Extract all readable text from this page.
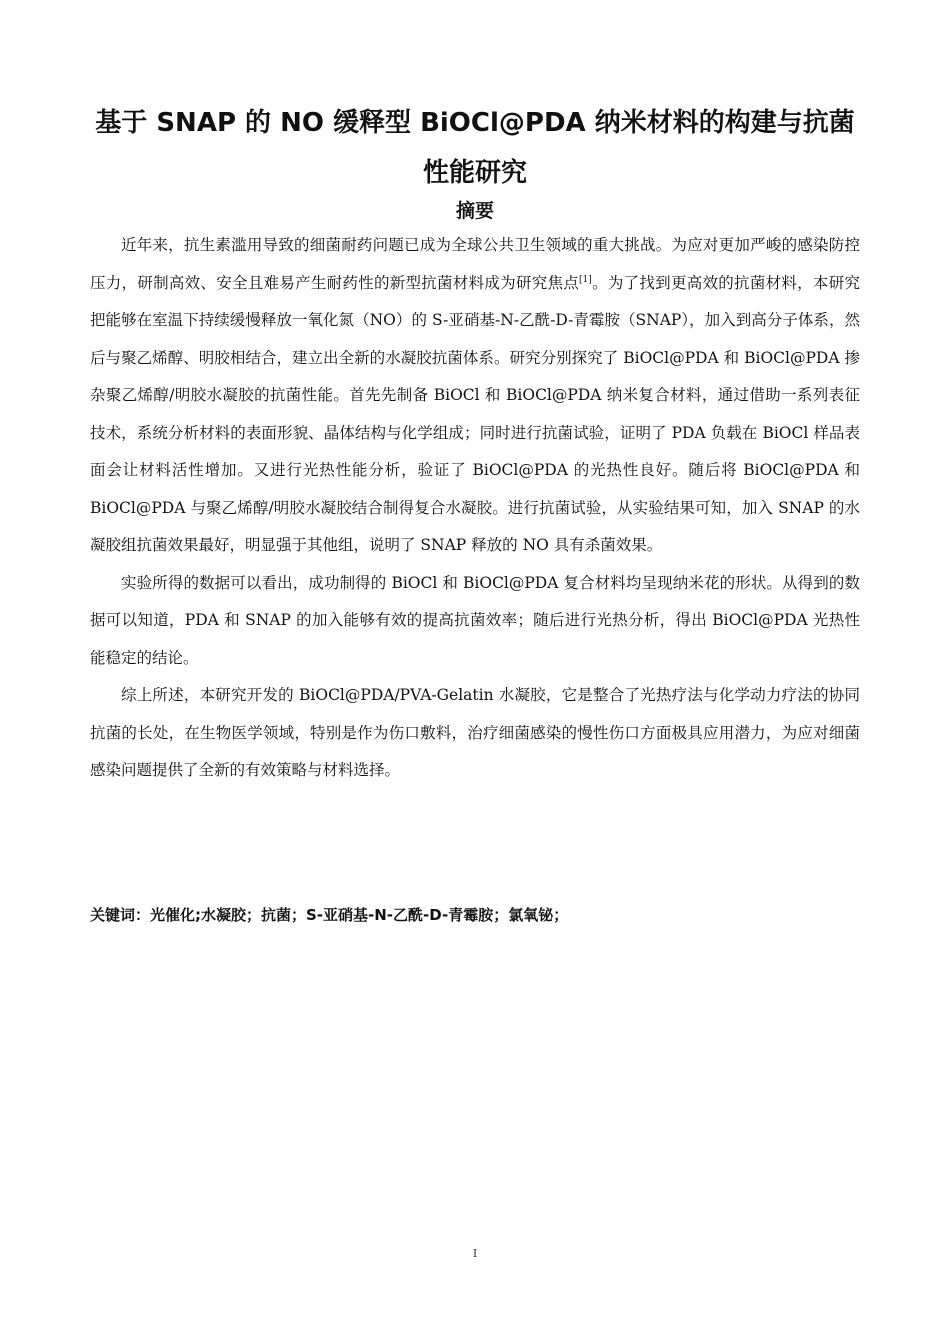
基于 SNAP 的 NO 缓释型 BiOCl@PDA 纳米材料的构建与抗菌性能研究
摘要

近年来，抗生素滥用导致的细菌耐药问题已成为全球公共卫生领域的重大挑战。为应对更加严峻的感染防控压力，研制高效、安全且难易产生耐药性的新型抗菌材料成为研究焦点[1]。为了找到更高效的抗菌材料，本研究把能够在室温下持续缓慢释放一氧化氮（NO）的 S-亚硝基-N-乙酰-D-青霉胺（SNAP），加入到高分子体系，然后与聚乙烯醇、明胶相结合，建立出全新的水凝胶抗菌体系。研究分别探究了 BiOCl@PDA 和 BiOCl@PDA 掺杂聚乙烯醇/明胶水凝胶的抗菌性能。首先先制备 BiOCl 和 BiOCl@PDA 纳米复合材料，通过借助一系列表征技术，系统分析材料的表面形貌、晶体结构与化学组成；同时进行抗菌试验，证明了 PDA 负载在 BiOCl 样品表面会让材料活性增加。又进行光热性能分析，验证了 BiOCl@PDA 的光热性良好。随后将 BiOCl@PDA 和 BiOCl@PDA 与聚乙烯醇/明胶水凝胶结合制得复合水凝胶。进行抗菌试验，从实验结果可知，加入 SNAP 的水凝胶组抗菌效果最好，明显强于其他组，说明了 SNAP 释放的 NO 具有杀菌效果。

实验所得的数据可以看出，成功制得的 BiOCl 和 BiOCl@PDA 复合材料均呈现纳米花的形状。从得到的数据可以知道，PDA 和 SNAP 的加入能够有效的提高抗菌效率；随后进行光热分析，得出 BiOCl@PDA 光热性能稳定的结论。

综上所述，本研究开发的 BiOCl@PDA/PVA-Gelatin 水凝胶，它是整合了光热疗法与化学动力疗法的协同抗菌的长处，在生物医学领域，特别是作为伤口敷料，治疗细菌感染的慢性伤口方面极具应用潜力，为应对细菌感染问题提供了全新的有效策略与材料选择。

关键词：光催化;水凝胶；抗菌；S-亚硝基-N-乙酰-D-青霉胺；氯氧铋；

I
